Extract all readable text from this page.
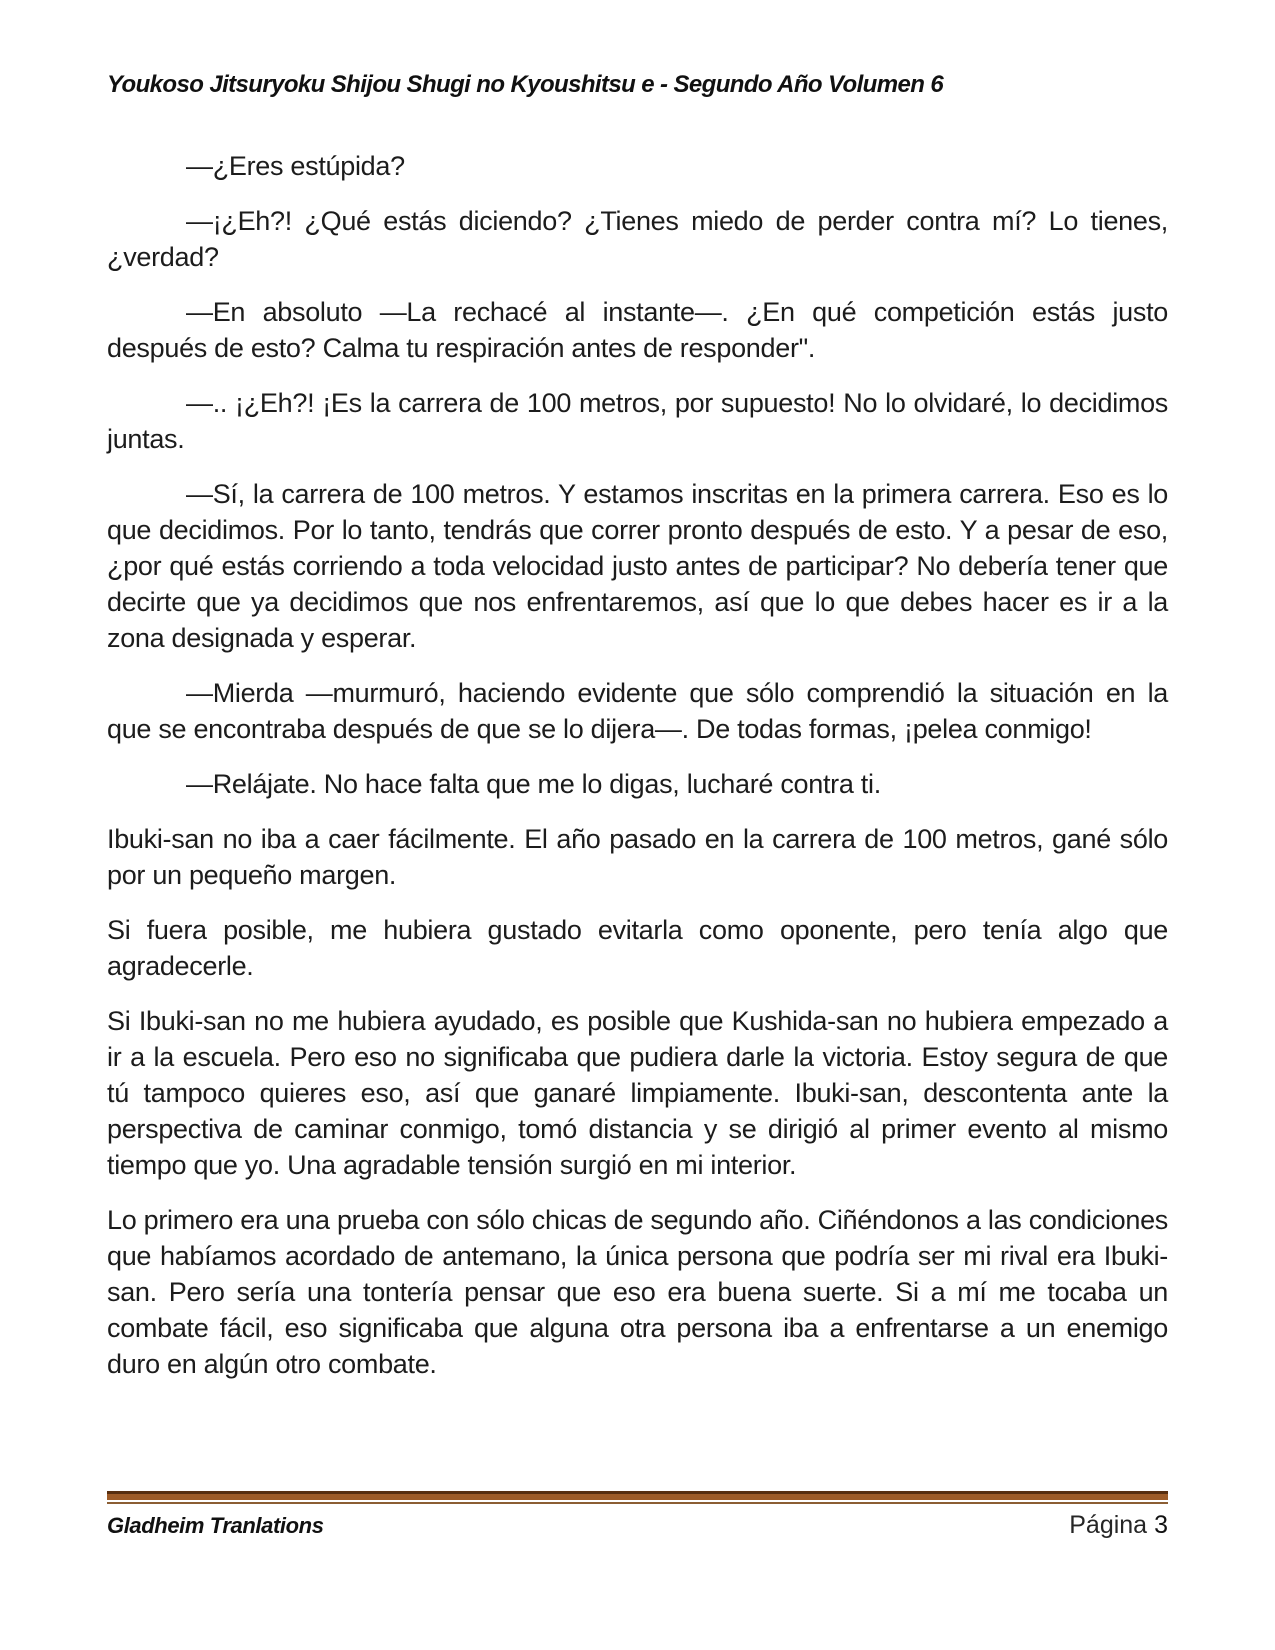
Youkoso Jitsuryoku Shijou Shugi no Kyoushitsu e - Segundo Año Volumen 6

—¿Eres estúpida?

—¡¿Eh?! ¿Qué estás diciendo? ¿Tienes miedo de perder contra mí? Lo tienes, ¿verdad?

—En absoluto —La rechacé al instante—. ¿En qué competición estás justo después de esto? Calma tu respiración antes de responder".

—.. ¡¿Eh?! ¡Es la carrera de 100 metros, por supuesto! No lo olvidaré, lo decidimos juntas.

—Sí, la carrera de 100 metros. Y estamos inscritas en la primera carrera. Eso es lo que decidimos. Por lo tanto, tendrás que correr pronto después de esto. Y a pesar de eso, ¿por qué estás corriendo a toda velocidad justo antes de participar? No debería tener que decirte que ya decidimos que nos enfrentaremos, así que lo que debes hacer es ir a la zona designada y esperar.

—Mierda —murmuró, haciendo evidente que sólo comprendió la situación en la que se encontraba después de que se lo dijera—. De todas formas, ¡pelea conmigo!

—Relájate. No hace falta que me lo digas, lucharé contra ti.

Ibuki-san no iba a caer fácilmente. El año pasado en la carrera de 100 metros, gané sólo por un pequeño margen.

Si fuera posible, me hubiera gustado evitarla como oponente, pero tenía algo que agradecerle.

Si Ibuki-san no me hubiera ayudado, es posible que Kushida-san no hubiera empezado a ir a la escuela. Pero eso no significaba que pudiera darle la victoria. Estoy segura de que tú tampoco quieres eso, así que ganaré limpiamente. Ibuki-san, descontenta ante la perspectiva de caminar conmigo, tomó distancia y se dirigió al primer evento al mismo tiempo que yo. Una agradable tensión surgió en mi interior.

Lo primero era una prueba con sólo chicas de segundo año. Ciñéndonos a las condiciones que habíamos acordado de antemano, la única persona que podría ser mi rival era Ibuki-san. Pero sería una tontería pensar que eso era buena suerte. Si a mí me tocaba un combate fácil, eso significaba que alguna otra persona iba a enfrentarse a un enemigo duro en algún otro combate.

Gladheim Tranlations	Página 3
